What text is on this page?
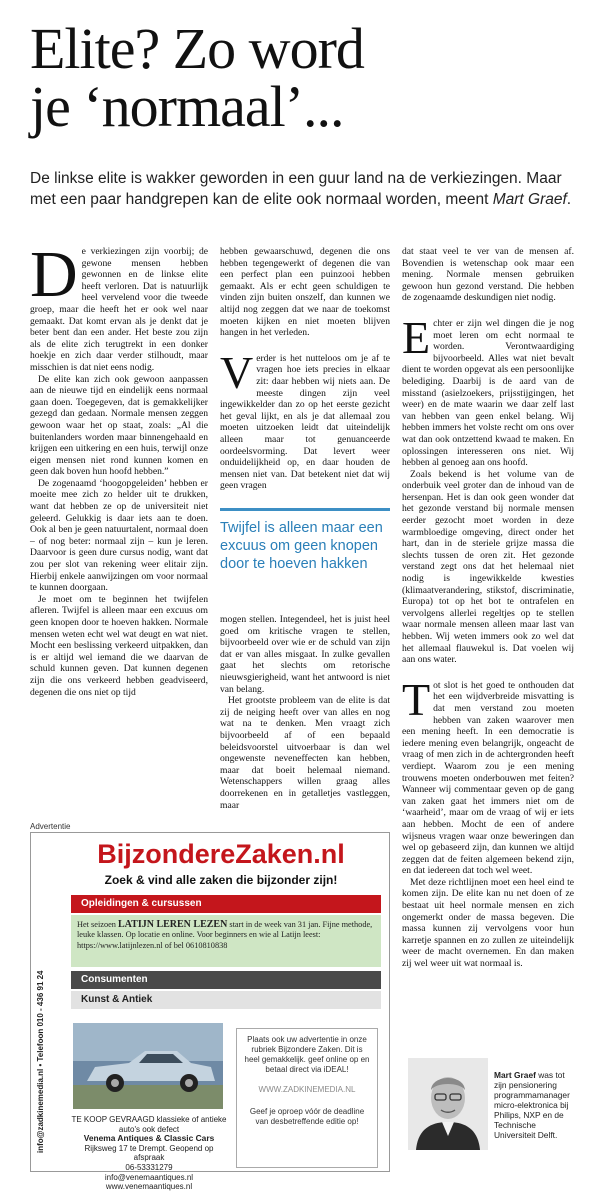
Elite? Zo word
je ‘normaal’...
De linkse elite is wakker geworden in een guur land na de verkiezingen. Maar met een paar handgrepen kan de elite ook normaal worden, meent Mart Graef.

De verkiezingen zijn voorbij; de gewone mensen hebben gewonnen en de linkse elite heeft verloren. Dat is natuurlijk heel vervelend voor die tweede groep, maar die heeft het er ook wel naar gemaakt. Dat komt ervan als je denkt dat je beter bent dan een ander. Het beste zou zijn als de elite zich terugtrekt in een donker hoekje en zich daar verder stilhoudt, maar misschien is dat niet eens nodig.

De elite kan zich ook gewoon aanpassen aan de nieuwe tijd en eindelijk eens normaal gaan doen. Toegegeven, dat is gemakkelijker gezegd dan gedaan. Normale mensen zeggen gewoon waar het op staat, zoals: „Al die buitenlanders worden maar binnengehaald en krijgen een uitkering en een huis, terwijl onze eigen mensen niet rond kunnen komen en geen dak boven hun hoofd hebben.”

De zogenaamd ‘hoogopgeleiden’ hebben er moeite mee zich zo helder uit te drukken, want dat hebben ze op de universiteit niet geleerd. Gelukkig is daar iets aan te doen. Ook al ben je geen natuurtalent, normaal doen – of nog beter: normaal zijn – kun je leren. Daarvoor is geen dure cursus nodig, want dat zou per slot van rekening weer elitair zijn. Hierbij enkele aanwijzingen om voor normaal te kunnen doorgaan.

Je moet om te beginnen het twijfelen afleren. Twijfel is alleen maar een excuus om geen knopen door te hoeven hakken. Normale mensen weten echt wel wat deugt en wat niet. Mocht een beslissing verkeerd uitpakken, dan is er altijd wel iemand die we daarvan de schuld kunnen geven. Dat kunnen degenen zijn die ons verkeerd hebben geadviseerd, degenen die ons niet op tijd

hebben gewaarschuwd, degenen die ons hebben tegengewerkt of degenen die van een perfect plan een puinzooi hebben gemaakt. Als er echt geen schuldigen te vinden zijn buiten onszelf, dan kunnen we altijd nog zeggen dat we naar de toekomst moeten kijken en niet moeten blijven hangen in het verleden.

Verder is het nutteloos om je af te vragen hoe iets precies in elkaar zit: daar hebben wij niets aan. De meeste dingen zijn veel ingewikkelder dan zo op het eerste gezicht het geval lijkt, en als je dat allemaal zou moeten uitzoeken leidt dat uiteindelijk alleen maar tot genuanceerde oordeelsvorming. Dat levert weer onduidelijkheid op, en daar houden de mensen niet van. Dat betekent niet dat wij geen vragen

Twijfel is alleen maar een excuus om geen knopen door te hoeven hakken

mogen stellen. Integendeel, het is juist heel goed om kritische vragen te stellen, bijvoorbeeld over wie er de schuld van zijn dat er van alles misgaat. In zulke gevallen gaat het slechts om retorische nieuwsgierigheid, want het antwoord is niet van belang.

Het grootste probleem van de elite is dat zij de neiging heeft over van alles en nog wat na te denken. Men vraagt zich bijvoorbeeld af of een bepaald beleidsvoorstel uitvoerbaar is dan wel ongewenste neveneffecten kan hebben, maar dat boeit helemaal niemand. Wetenschappers willen graag alles doorrekenen en in getalletjes vastleggen, maar

dat staat veel te ver van de mensen af. Bovendien is wetenschap ook maar een mening. Normale mensen gebruiken gewoon hun gezond verstand. Die hebben de zogenaamde deskundigen niet nodig.

Echter er zijn wel dingen die je nog moet leren om echt normaal te worden. Verontwaardiging bijvoorbeeld. Alles wat niet bevalt dient te worden opgevat als een persoonlijke belediging. Daarbij is de aard van de misstand (asielzoekers, prijsstijgingen, het weer) en de mate waarin we daar zelf last van hebben van geen enkel belang. Wij hebben immers het volste recht om ons over wat dan ook ontzettend kwaad te maken. En oplossingen interesseren ons niet. Wij hebben al genoeg aan ons hoofd.

Zoals bekend is het volume van de onderbuik veel groter dan de inhoud van de hersenpan. Het is dan ook geen wonder dat het gezonde verstand bij normale mensen eerder gezocht moet worden in deze warmbloedige omgeving, direct onder het hart, dan in de steriele grijze massa die slechts tussen de oren zit. Het gezonde verstand zegt ons dat het helemaal niet nodig is ingewikkelde kwesties (klimaatverandering, stikstof, discriminatie, Europa) tot op het bot te ontrafelen en vervolgens allerlei regeltjes op te stellen waar normale mensen alleen maar last van hebben. Wij weten immers ook zo wel dat het allemaal flauwekul is. Dat voelen wij aan ons water.

Tot slot is het goed te onthouden dat het een wijdverbreide misvatting is dat men verstand zou moeten hebben van zaken waarover men een mening heeft. In een democratie is iedere mening even belangrijk, ongeacht de vraag of men zich in de achtergronden heeft verdiept. Waarom zou je een mening trouwens moeten onderbouwen met feiten? Wanneer wij commentaar geven op de gang van zaken gaat het immers niet om de ‘waarheid’, maar om de vraag of wij er iets aan hebben. Mocht de een of andere wijsneus vragen waar onze beweringen dan wel op gebaseerd zijn, dan kunnen we altijd zeggen dat de feiten algemeen bekend zijn, en dat iedereen dat toch wel weet.

Met deze richtlijnen moet een heel eind te komen zijn. De elite kan nu net doen of ze bestaat uit heel normale mensen en zich ongemerkt onder de massa begeven. Die massa kunnen zij vervolgens voor hun karretje spannen en zo zullen ze uiteindelijk weer de macht overnemen. En dan maken zij wel weer uit wat normaal is.

Advertentie
info@zadkinemedia.nl • Telefoon 010 - 436 91 24
BijzondereZaken.nl
Zoek & vind alle zaken die bijzonder zijn!
Opleidingen & cursussen
Het seizoen LATIJN LEREN LEZEN start in de week van 31 jan. Fijne methode, leuke klassen. Op locatie en online. Voor beginners en wie al Latijn leest: https://www.latijnlezen.nl of bel 0610810838
Consumenten
Kunst & Antiek
TE KOOP GEVRAAGD klassieke of antieke auto's ook defect
Venema Antiques & Classic Cars
Rijksweg 17 te Drempt. Geopend op afspraak
06-53331279
info@venemaantiques.nl
www.venemaantiques.nl
Plaats ook uw advertentie in onze rubriek Bijzondere Zaken. Dit is heel gemakkelijk. geef online op en betaal direct via iDEAL!
WWW.ZADKINEMEDIA.NL
Geef je oproep vóór de deadline van desbetreffende editie op!
Mart Graef was tot zijn pensionering programmamanager micro-elektronica bij Philips, NXP en de Technische Universiteit Delft.
